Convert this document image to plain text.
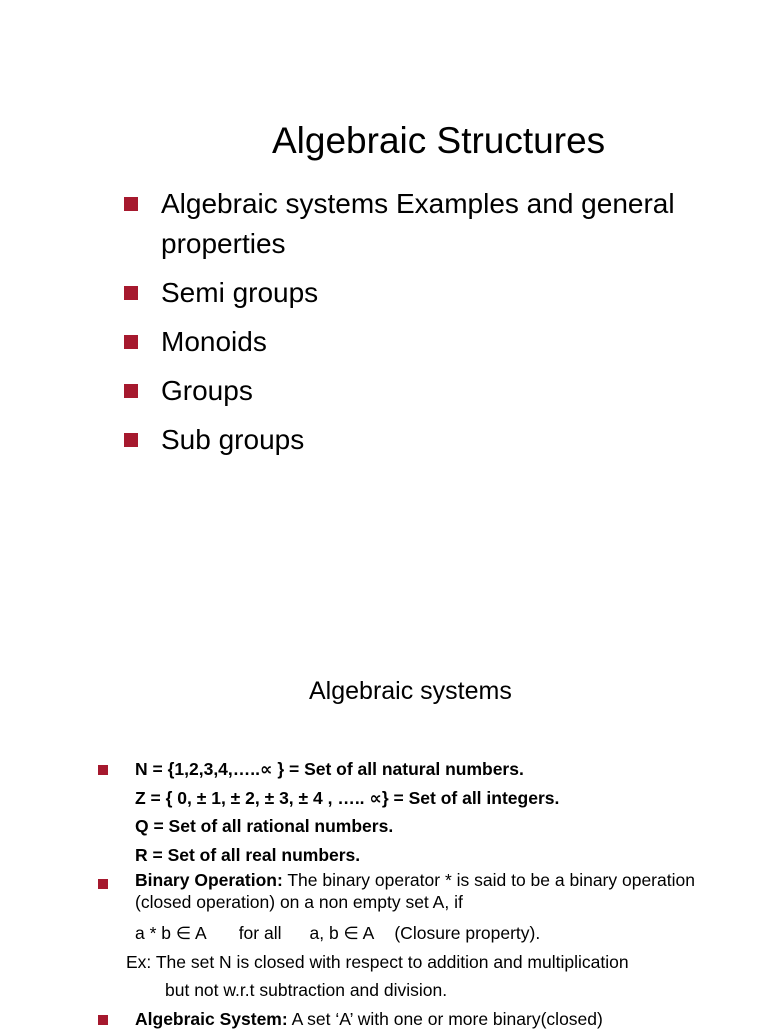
Algebraic Structures
Algebraic systems Examples and general properties
Semi groups
Monoids
Groups
Sub groups
Algebraic systems
N = {1,2,3,4,…..∝ } = Set of all natural numbers.
Z = { 0, ± 1, ± 2, ± 3, ± 4 , ….. ∝} = Set of all integers.
Q = Set of all rational numbers.
R = Set of all real numbers.
Binary Operation: The binary operator * is said to be a binary operation (closed operation) on a non empty set A, if
a * b ∈ A for all a, b ∈ A (Closure property).
Ex: The set N is closed with respect to addition and multiplication
but not w.r.t subtraction and division.
Algebraic System: A set ‘A’ with one or more binary(closed)
